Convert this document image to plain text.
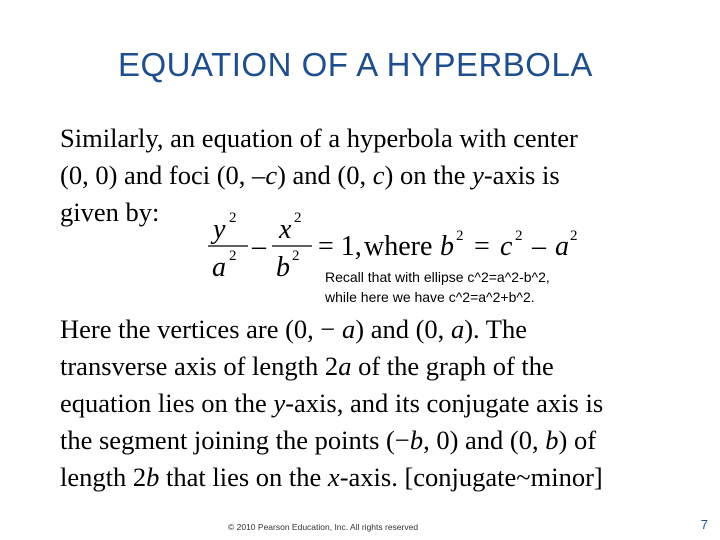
EQUATION OF A HYPERBOLA
Similarly, an equation of a hyperbola with center
(0, 0) and foci (0, –c) and (0, c) on the y-axis is
given by:
y 2
a 2 –
x 2
b 2 = 1, where b 2 = c 2 – a 2
Recall that with ellipse c^2=a^2-b^2,
while here we have c^2=a^2+b^2.
Here the vertices are (0, − a) and (0, a). The
transverse axis of length 2a of the graph of the
equation lies on the y-axis, and its conjugate axis is
the segment joining the points (−b, 0) and (0, b) of
length 2b that lies on the x-axis. [conjugate~minor]
© 2010 Pearson Education, Inc. All rights reserved	7
